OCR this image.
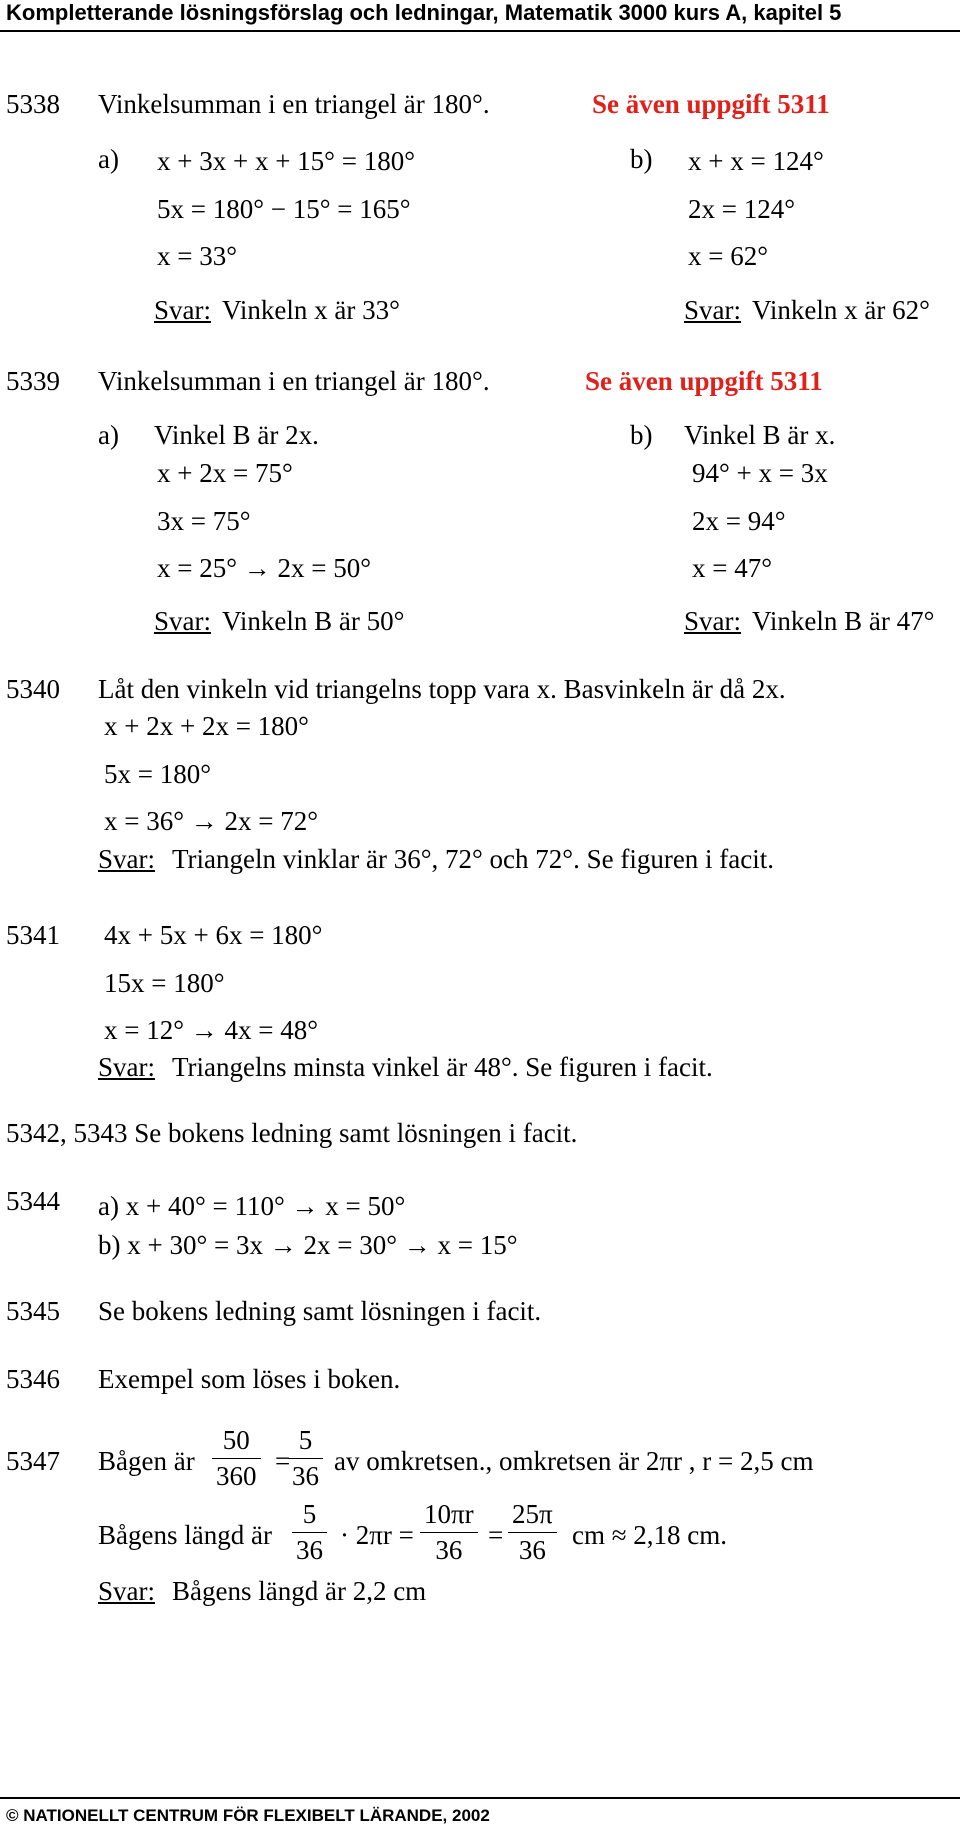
Kompletterande lösningsförslag och ledningar, Matematik 3000 kurs A, kapitel 5
5338 Vinkelsumman i en triangel är 180°.	Se även uppgift 5311
a) x + 3x + x + 15° = 180°
5x = 180° − 15° = 165°
x = 33°
Svar: Vinkeln x är 33°
b) x + x = 124°
2x = 124°
x = 62°
Svar: Vinkeln x är 62°
5339 Vinkelsumman i en triangel är 180°.	Se även uppgift 5311
a) Vinkel B är 2x.
x + 2x = 75°
3x = 75°
x = 25° → 2x = 50°
Svar: Vinkeln B är 50°
b) Vinkel B är x.
94° + x = 3x
2x = 94°
x = 47°
Svar: Vinkeln B är 47°
5340 Låt den vinkeln vid triangelns topp vara x. Basvinkeln är då 2x.
x + 2x + 2x = 180°
5x = 180°
x = 36° → 2x = 72°
Svar: Triangeln vinklar är 36°, 72° och 72°. Se figuren i facit.
5341 4x + 5x + 6x = 180°
15x = 180°
x = 12° → 4x = 48°
Svar: Triangelns minsta vinkel är 48°. Se figuren i facit.
5342, 5343 Se bokens ledning samt lösningen i facit.
5344 a) x + 40° = 110° → x = 50°
b) x + 30° = 3x → 2x = 30° → x = 15°
5345 Se bokens ledning samt lösningen i facit.
5346 Exempel som löses i boken.
5347 Bågen är $\frac{50}{360}$ =
$\frac{5}{36}$ av omkretsen., omkretsen är 2πr , r = 2,5 cm
Bågens längd är $\frac{5}{36} \cdot 2\pi r = \frac{10\pi r}{36} = \frac{25\pi}{36}$ cm ≈ 2,18 cm.
Svar: Bågens längd är 2,2 cm
© NATIONELLT CENTRUM FÖR FLEXIBELT LÄRANDE, 2002
